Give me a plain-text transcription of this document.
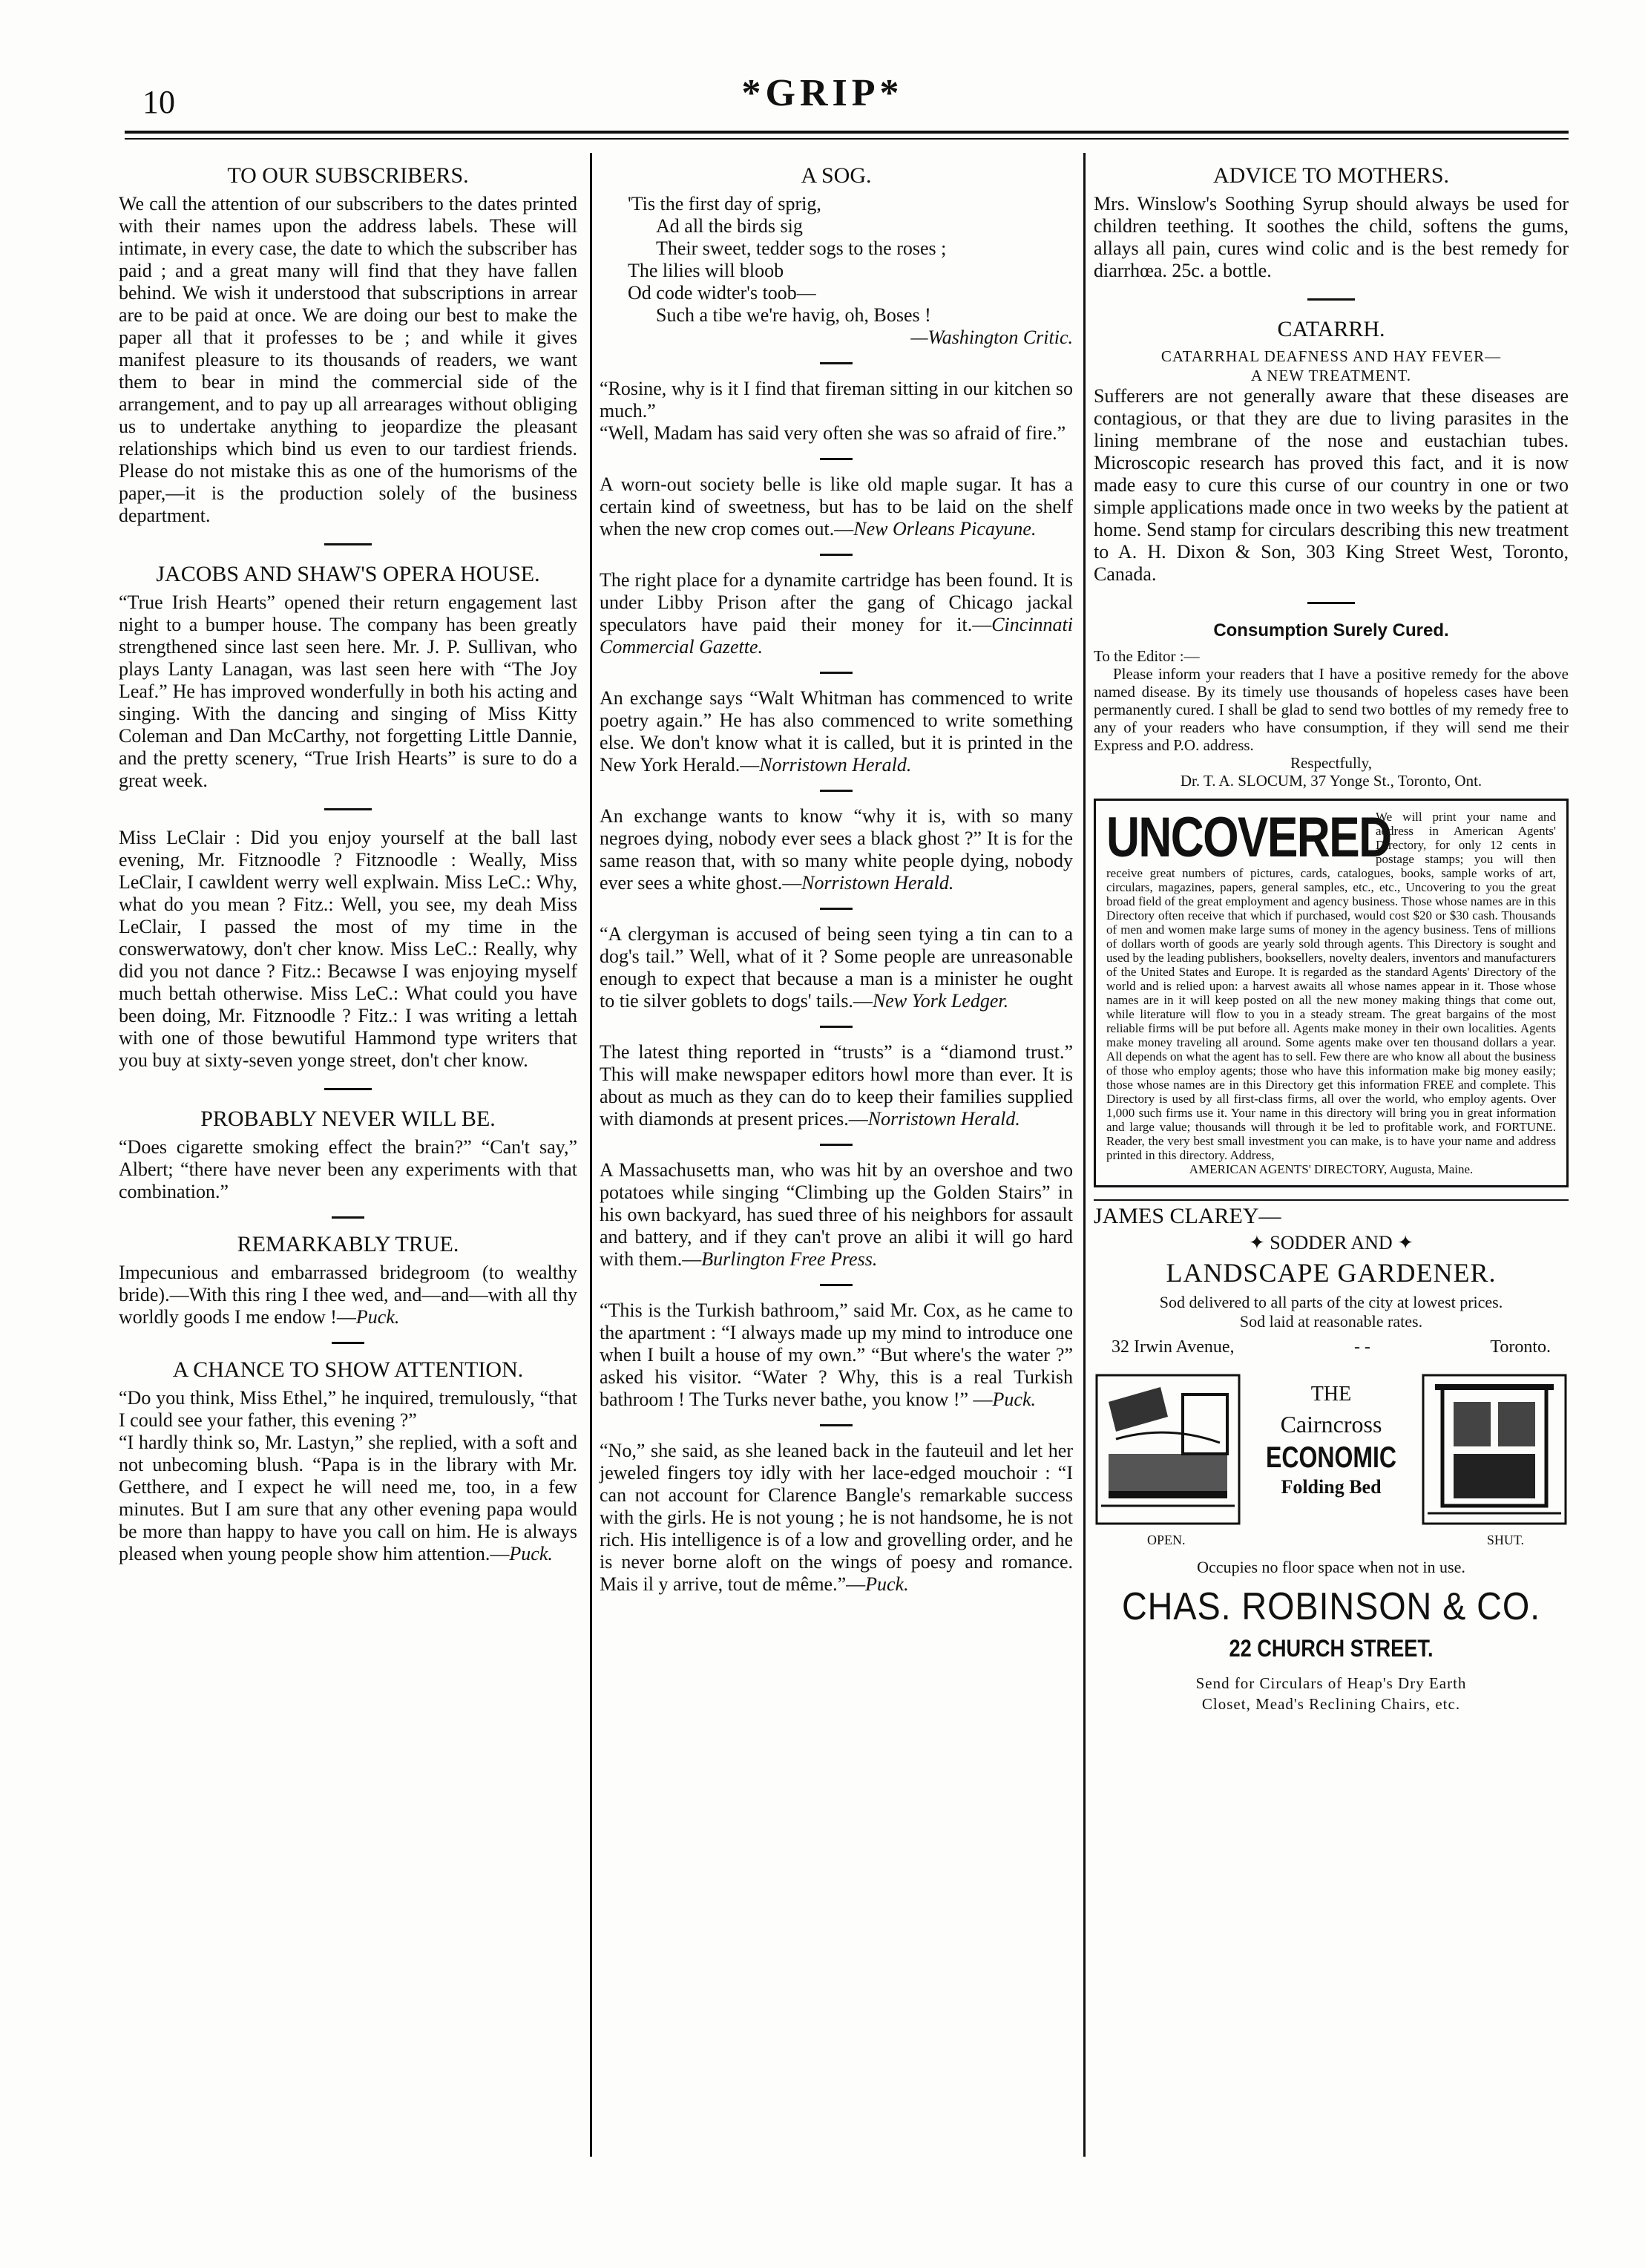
10	*GRIP*
TO OUR SUBSCRIBERS.

We call the attention of our subscribers to the dates printed with their names upon the address labels. These will intimate, in every case, the date to which the subscriber has paid ; and a great many will find that they have fallen behind. We wish it understood that subscriptions in arrear are to be paid at once. We are doing our best to make the paper all that it professes to be ; and while it gives manifest pleasure to its thousands of readers, we want them to bear in mind the commercial side of the arrangement, and to pay up all arrearages without obliging us to undertake anything to jeopardize the pleasant relationships which bind us even to our tardiest friends. Please do not mistake this as one of the humorisms of the paper,—it is the production solely of the business department.

JACOBS AND SHAW'S OPERA HOUSE.

“True Irish Hearts” opened their return engagement last night to a bumper house. The company has been greatly strengthened since last seen here. Mr. J. P. Sullivan, who plays Lanty Lanagan, was last seen here with “The Joy Leaf.” He has improved wonderfully in both his acting and singing. With the dancing and singing of Miss Kitty Coleman and Dan McCarthy, not forgetting Little Dannie, and the pretty scenery, “True Irish Hearts” is sure to do a great week.

Miss LeClair : Did you enjoy yourself at the ball last evening, Mr. Fitznoodle ? Fitznoodle : Weally, Miss LeClair, I cawldent werry well explwain. Miss LeC.: Why, what do you mean ? Fitz.: Well, you see, my deah Miss LeClair, I passed the most of my time in the conswerwatowy, don't cher know. Miss LeC.: Really, why did you not dance ? Fitz.: Becawse I was enjoying myself much bettah otherwise. Miss LeC.: What could you have been doing, Mr. Fitznoodle ? Fitz.: I was writing a lettah with one of those bewutiful Hammond type writers that you buy at sixty-seven yonge street, don't cher know.

PROBABLY NEVER WILL BE.

“Does cigarette smoking effect the brain?” “Can't say,” Albert; “there have never been any experiments with that combination.”

REMARKABLY TRUE.

Impecunious and embarrassed bridegroom (to wealthy bride).—With this ring I thee wed, and—and—with all thy worldly goods I me endow !—Puck.

A CHANCE TO SHOW ATTENTION.

“Do you think, Miss Ethel,” he inquired, tremulously, “that I could see your father, this evening ?”

“I hardly think so, Mr. Lastyn,” she replied, with a soft and not unbecoming blush. “Papa is in the library with Mr. Getthere, and I expect he will need me, too, in a few minutes. But I am sure that any other evening papa would be more than happy to have you call on him. He is always pleased when young people show him attention.—Puck.

A SOG.
'Tis the first day of sprig,
Ad all the birds sig
Their sweet, tedder sogs to the roses ;
The lilies will bloob
Od code widter's toob—
Such a tibe we're havig, oh, Boses !
—Washington Critic.

“Rosine, why is it I find that fireman sitting in our kitchen so much.”

“Well, Madam has said very often she was so afraid of fire.”

A worn-out society belle is like old maple sugar. It has a certain kind of sweetness, but has to be laid on the shelf when the new crop comes out.—New Orleans Picayune.

The right place for a dynamite cartridge has been found. It is under Libby Prison after the gang of Chicago jackal speculators have paid their money for it.—Cincinnati Commercial Gazette.

An exchange says “Walt Whitman has commenced to write poetry again.” He has also commenced to write something else. We don't know what it is called, but it is printed in the New York Herald.—Norristown Herald.

An exchange wants to know “why it is, with so many negroes dying, nobody ever sees a black ghost ?” It is for the same reason that, with so many white people dying, nobody ever sees a white ghost.—Norristown Herald.

“A clergyman is accused of being seen tying a tin can to a dog's tail.” Well, what of it ? Some people are unreasonable enough to expect that because a man is a minister he ought to tie silver goblets to dogs' tails.—New York Ledger.

The latest thing reported in “trusts” is a “diamond trust.” This will make newspaper editors howl more than ever. It is about as much as they can do to keep their families supplied with diamonds at present prices.—Norristown Herald.

A Massachusetts man, who was hit by an overshoe and two potatoes while singing “Climbing up the Golden Stairs” in his own backyard, has sued three of his neighbors for assault and battery, and if they can't prove an alibi it will go hard with them.—Burlington Free Press.

“This is the Turkish bathroom,” said Mr. Cox, as he came to the apartment : “I always made up my mind to introduce one when I built a house of my own.” “But where's the water ?” asked his visitor. “Water ? Why, this is a real Turkish bathroom ! The Turks never bathe, you know !” —Puck.

“No,” she said, as she leaned back in the fauteuil and let her jeweled fingers toy idly with her lace-edged mouchoir : “I can not account for Clarence Bangle's remarkable success with the girls. He is not young ; he is not handsome, he is not rich. His intelligence is of a low and grovelling order, and he is never borne aloft on the wings of poesy and romance. Mais il y arrive, tout de même.”—Puck.

ADVICE TO MOTHERS.

Mrs. Winslow's Soothing Syrup should always be used for children teething. It soothes the child, softens the gums, allays all pain, cures wind colic and is the best remedy for diarrhœa. 25c. a bottle.

CATARRH.
CATARRHAL DEAFNESS AND HAY FEVER—
A NEW TREATMENT.

Sufferers are not generally aware that these diseases are contagious, or that they are due to living parasites in the lining membrane of the nose and eustachian tubes. Microscopic research has proved this fact, and it is now made easy to cure this curse of our country in one or two simple applications made once in two weeks by the patient at home. Send stamp for circulars describing this new treatment to A. H. Dixon & Son, 303 King Street West, Toronto, Canada.

Consumption Surely Cured.

To the Editor :—

Please inform your readers that I have a positive remedy for the above named disease. By its timely use thousands of hopeless cases have been permanently cured. I shall be glad to send two bottles of my remedy free to any of your readers who have consumption, if they will send me their Express and P.O. address.

Respectfully,

Dr. T. A. SLOCUM, 37 Yonge St., Toronto, Ont.

UNCOVERED

We will print your name and address in American Agents' Directory, for only 12 cents in postage stamps; you will then receive great numbers of pictures, cards, catalogues, books, sample works of art, circulars, magazines, papers, general samples, etc., etc., Uncovering to you the great broad field of the great employment and agency business. Those whose names are in this Directory often receive that which if purchased, would cost $20 or $30 cash. Thousands of men and women make large sums of money in the agency business. Tens of millions of dollars worth of goods are yearly sold through agents. This Directory is sought and used by the leading publishers, booksellers, novelty dealers, inventors and manufacturers of the United States and Europe. It is regarded as the standard Agents' Directory of the world and is relied upon: a harvest awaits all whose names appear in it. Those whose names are in it will keep posted on all the new money making things that come out, while literature will flow to you in a steady stream. The great bargains of the most reliable firms will be put before all. Agents make money in their own localities. Agents make money traveling all around. Some agents make over ten thousand dollars a year. All depends on what the agent has to sell. Few there are who know all about the business of those who employ agents; those who have this information make big money easily; those whose names are in this Directory get this information FREE and complete. This Directory is used by all first-class firms, all over the world, who employ agents. Over 1,000 such firms use it. Your name in this directory will bring you in great information and large value; thousands will through it be led to profitable work, and FORTUNE. Reader, the very best small investment you can make, is to have your name and address printed in this directory. Address,

AMERICAN AGENTS' DIRECTORY, Augusta, Maine.

JAMES CLAREY—
✦ SODDER AND ✦
LANDSCAPE GARDENER.
Sod delivered to all parts of the city at lowest prices.
Sod laid at reasonable rates.
32 Irwin Avenue,	- -	Toronto.
THE
Cairncross
ECONOMIC
Folding Bed
OPEN.	SHUT.
Occupies no floor space when not in use.
CHAS. ROBINSON & CO.
22 CHURCH STREET.
Send for Circulars of Heap's Dry Earth
Closet, Mead's Reclining Chairs, etc.
